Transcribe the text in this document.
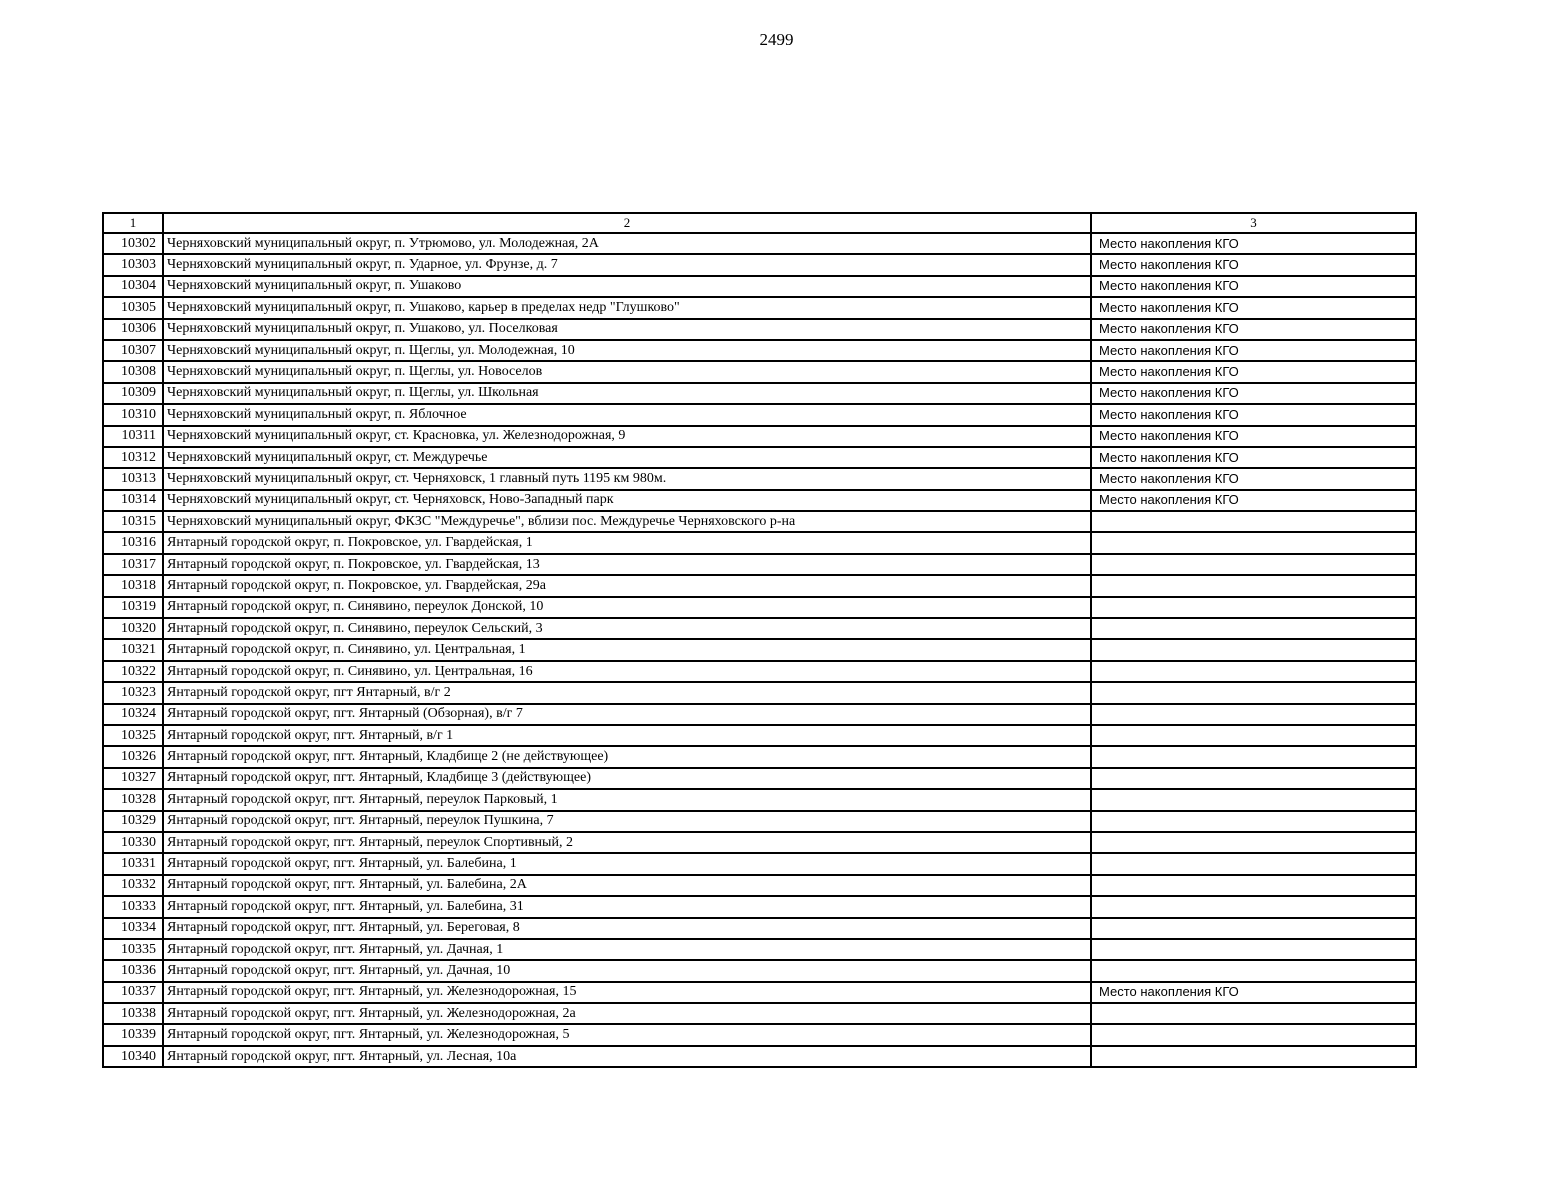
2499
1	2	3
10302	Черняховский муниципальный округ, п. Утрюмово, ул. Молодежная, 2А	Место накопления КГО
10303	Черняховский муниципальный округ, п. Ударное, ул. Фрунзе, д. 7	Место накопления КГО
10304	Черняховский муниципальный округ, п. Ушаково	Место накопления КГО
10305	Черняховский муниципальный округ, п. Ушаково, карьер в пределах недр "Глушково"	Место накопления КГО
10306	Черняховский муниципальный округ, п. Ушаково, ул. Поселковая	Место накопления КГО
10307	Черняховский муниципальный округ, п. Щеглы, ул. Молодежная, 10	Место накопления КГО
10308	Черняховский муниципальный округ, п. Щеглы, ул. Новоселов	Место накопления КГО
10309	Черняховский муниципальный округ, п. Щеглы, ул. Школьная	Место накопления КГО
10310	Черняховский муниципальный округ, п. Яблочное	Место накопления КГО
10311	Черняховский муниципальный округ, ст. Красновка, ул. Железнодорожная, 9	Место накопления КГО
10312	Черняховский муниципальный округ, ст. Междуречье	Место накопления КГО
10313	Черняховский муниципальный округ, ст. Черняховск, 1 главный путь 1195 км 980м.	Место накопления КГО
10314	Черняховский муниципальный округ, ст. Черняховск, Ново-Западный парк	Место накопления КГО
10315	Черняховский муниципальный округ, ФКЗС "Междуречье", вблизи пос. Междуречье Черняховского р-на	
10316	Янтарный городской округ, п. Покровское, ул. Гвардейская, 1	
10317	Янтарный городской округ, п. Покровское, ул. Гвардейская, 13	
10318	Янтарный городской округ, п. Покровское, ул. Гвардейская, 29а	
10319	Янтарный городской округ, п. Синявино, переулок Донской, 10	
10320	Янтарный городской округ, п. Синявино, переулок Сельский, 3	
10321	Янтарный городской округ, п. Синявино, ул. Центральная, 1	
10322	Янтарный городской округ, п. Синявино, ул. Центральная, 16	
10323	Янтарный городской округ, пгт Янтарный, в/г 2	
10324	Янтарный городской округ, пгт. Янтарный (Обзорная), в/г 7	
10325	Янтарный городской округ, пгт. Янтарный, в/г 1	
10326	Янтарный городской округ, пгт. Янтарный, Кладбище 2 (не действующее)	
10327	Янтарный городской округ, пгт. Янтарный, Кладбище 3 (действующее)	
10328	Янтарный городской округ, пгт. Янтарный, переулок Парковый, 1	
10329	Янтарный городской округ, пгт. Янтарный, переулок Пушкина, 7	
10330	Янтарный городской округ, пгт. Янтарный, переулок Спортивный, 2	
10331	Янтарный городской округ, пгт. Янтарный, ул. Балебина, 1	
10332	Янтарный городской округ, пгт. Янтарный, ул. Балебина, 2А	
10333	Янтарный городской округ, пгт. Янтарный, ул. Балебина, 31	
10334	Янтарный городской округ, пгт. Янтарный, ул. Береговая, 8	
10335	Янтарный городской округ, пгт. Янтарный, ул. Дачная, 1	
10336	Янтарный городской округ, пгт. Янтарный, ул. Дачная, 10	
10337	Янтарный городской округ, пгт. Янтарный, ул. Железнодорожная, 15	Место накопления КГО
10338	Янтарный городской округ, пгт. Янтарный, ул. Железнодорожная, 2а	
10339	Янтарный городской округ, пгт. Янтарный, ул. Железнодорожная, 5	
10340	Янтарный городской округ, пгт. Янтарный, ул. Лесная, 10а	
